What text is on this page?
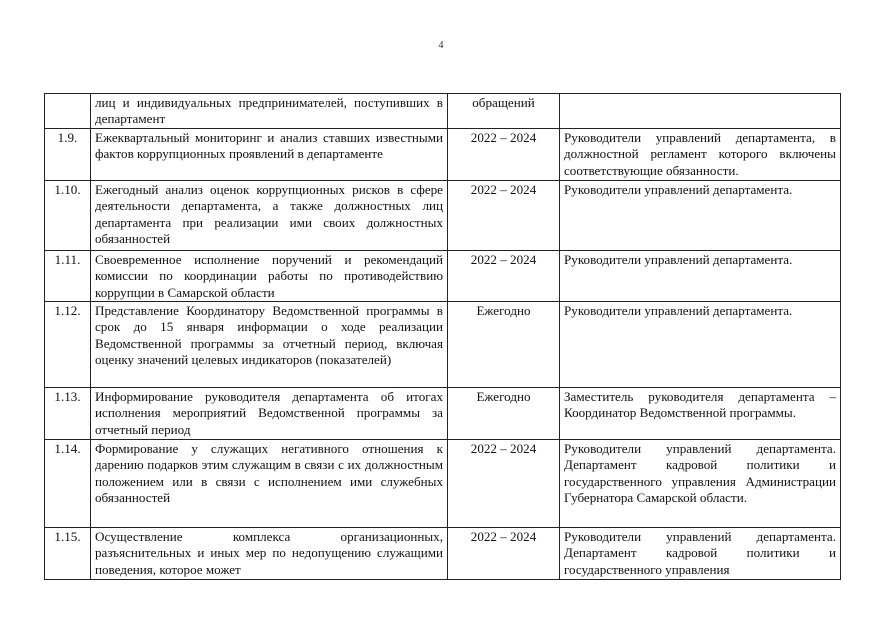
4
	лиц и индивидуальных предпринимателей, поступивших в департамент	обращений	
1.9.	Ежеквартальный мониторинг и анализ ставших известными фактов коррупционных проявлений в департаменте	2022 – 2024	Руководители управлений департамента, в должностной регламент которого включены соответствующие обязанности.
1.10.	Ежегодный анализ оценок коррупционных рисков в сфере деятельности департамента, а также должностных лиц департамента при реализации ими своих должностных обязанностей	2022 – 2024	Руководители управлений департамента.
1.11.	Своевременное исполнение поручений и рекомендаций комиссии по координации работы по противодействию коррупции в Самарской области	2022 – 2024	Руководители управлений департамента.
1.12.	Представление Координатору Ведомственной программы в срок до 15 января информации о ходе реализации Ведомственной программы за отчетный период, включая оценку значений целевых индикаторов (показателей)	Ежегодно	Руководители управлений департамента.
1.13.	Информирование руководителя департамента об итогах исполнения мероприятий Ведомственной программы за отчетный период	Ежегодно	Заместитель руководителя департамента – Координатор Ведомственной программы.
1.14.	Формирование у служащих негативного отношения к дарению подарков этим служащим в связи с их должностным положением или в связи с исполнением ими служебных обязанностей	2022 – 2024	Руководители управлений департамента. Департамент кадровой политики и государственного управления Администрации Губернатора Самарской области.
1.15.	Осуществление комплекса организационных, разъяснительных и иных мер по недопущению служащими поведения, которое может	2022 – 2024	Руководители управлений департамента. Департамент кадровой политики и государственного управления
